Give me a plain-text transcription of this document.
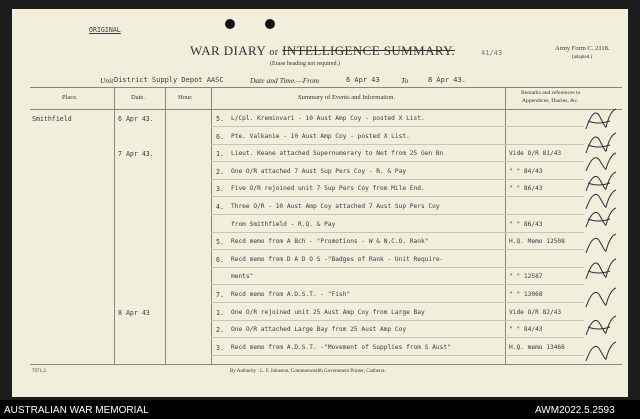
ORIGINAL
WAR DIARY or INTELLIGENCE SUMMARY.
(Erase heading not required.)
41/43
Army Form C. 2118.
(adapted.)
Unit District Supply Depot AASC	Date and Time.—From	6 Apr 43	To	8 Apr 43.
Place.	Date.	Hour.	Summary of Events and Information.
Remarks and references to
Appendices, Diaries, &c.
Smithfield	6 Apr 43.	5. L/Cpl. Kreminvari - 10 Aust Amp Coy - posted X List.
6. Pte. Valkanie - 10 Aust Amp Coy - posted X List.
7 Apr 43.	1. Lieut. Keane attached Supernumerary to Net from 25 Gen Bn	Vide O/R 81/43
2. One O/R attached 7 Aust Sup Pers Coy - R. & Pay	" " 84/43
3. Five O/R rejoined unit 7 Sup Pers Coy from Mile End.	" " 86/43
4. Three O/R - 10 Aust Amp Coy attached 7 Aust Sup Pers Coy
from Smithfield - R.Q. & Pay	" " 86/43
5. Recd memo from A Bch - "Promotions - W & N.C.O. Rank"	H.Q. Memo 12508
6. Recd memo from D A D O S -"Badges of Rank - Unit Require-
ments"	" " 12587
7. Recd memo from A.D.S.T. - "Fish"	" " 13068
8 Apr 43	1. One O/R rejoined unit 25 Aust Amp Coy from Large Bay	Vide O/R 82/43
2. One O/R attached Large Bay from 25 Aust Amp Coy	" " 84/43
3. Recd memo from A.D.S.T. -"Movement of Supplies from S Aust"	H.Q. memo 13466
7971.2.	By Authority : L. F. Johnston, Commonwealth Government Printer, Canberra.
AUSTRALIAN WAR MEMORIAL	AWM2022.5.2593
